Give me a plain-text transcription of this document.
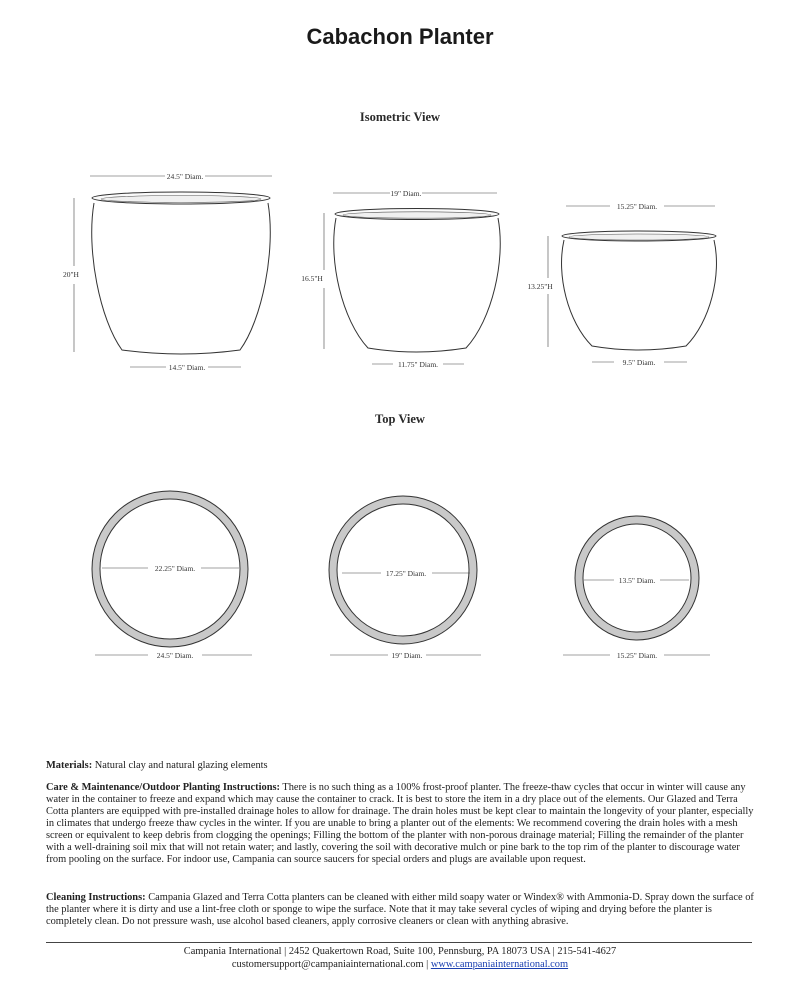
Cabachon Planter
Isometric View
Top View
24.5" Diam.
20"H
14.5" Diam.
19" Diam.
16.5"H
11.75" Diam.
15.25" Diam.
13.25"H
9.5" Diam.
22.25" Diam.
24.5" Diam.
17.25" Diam.
19" Diam.
13.5" Diam.
15.25" Diam.
Materials: Natural clay and natural glazing elements
Care & Maintenance/Outdoor Planting Instructions: There is no such thing as a 100% frost-proof planter. The freeze-thaw cycles that occur in winter will cause any water in the container to freeze and expand which may cause the container to crack. It is best to store the item in a dry place out of the elements. Our Glazed and Terra Cotta planters are equipped with pre-installed drainage holes to allow for drainage. The drain holes must be kept clear to maintain the longevity of your planter, especially in climates that undergo freeze thaw cycles in the winter. If you are unable to bring a planter out of the elements: We recommend covering the drain holes with a mesh screen or equivalent to keep debris from clogging the openings; Filling the bottom of the planter with non-porous drainage material; Filling the remainder of the planter with a well-draining soil mix that will not retain water; and lastly, covering the soil with decorative mulch or pine bark to the top rim of the planter to discourage water from pooling on the surface. For indoor use, Campania can source saucers for special orders and plugs are available upon request.
Cleaning Instructions: Campania Glazed and Terra Cotta planters can be cleaned with either mild soapy water or Windex® with Ammonia-D. Spray down the surface of the planter where it is dirty and use a lint-free cloth or sponge to wipe the surface. Note that it may take several cycles of wiping and drying before the planter is completely clean. Do not pressure wash, use alcohol based cleaners, apply corrosive cleaners or clean with anything abrasive.
Campania International | 2452 Quakertown Road, Suite 100, Pennsburg, PA 18073 USA | 215-541-4627
customersupport@campaniainternational.com | www.campaniainternational.com
